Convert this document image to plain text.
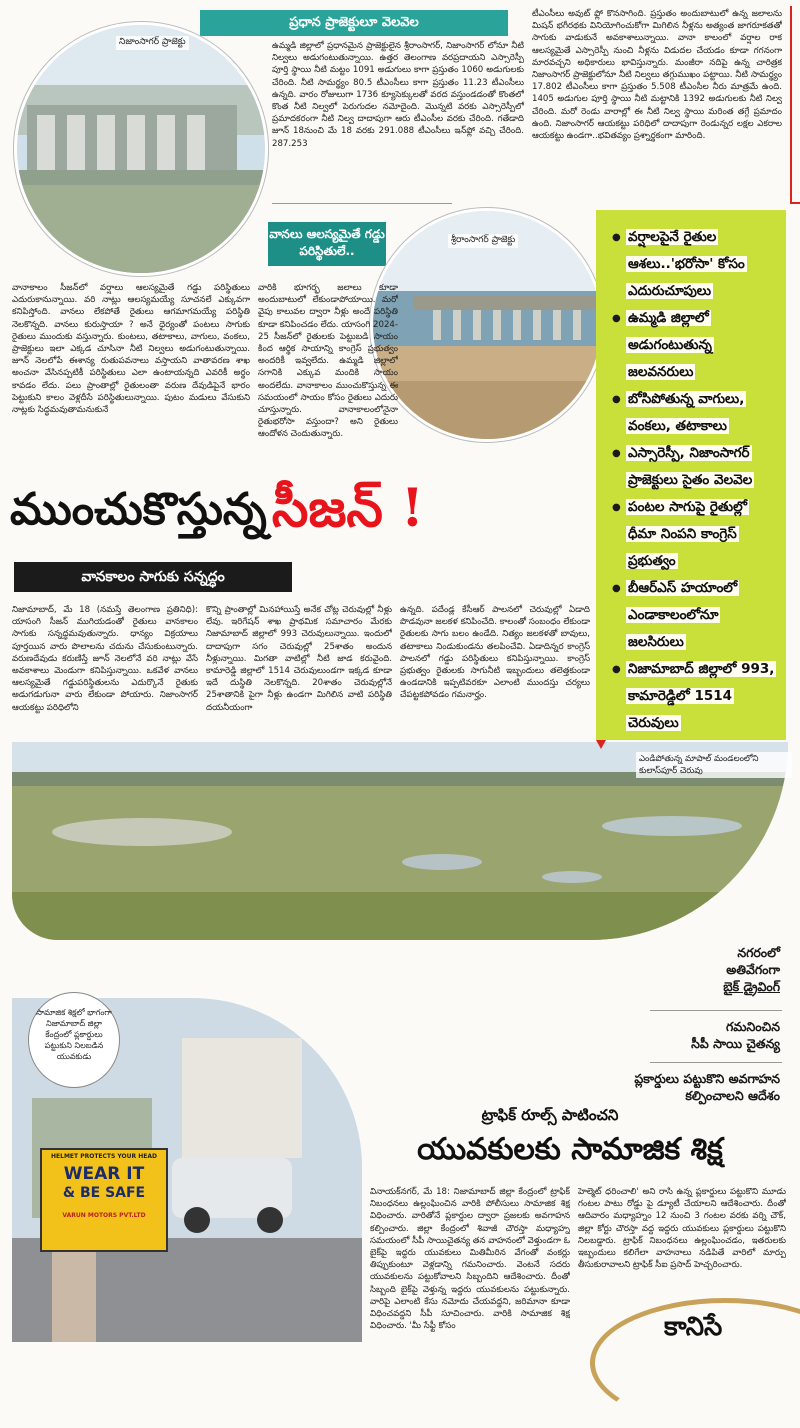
ప్రధాన ప్రాజెక్టులూ వెలవెల
నిజాంసాగర్ ప్రాజెక్టు	ఉమ్మడి జిల్లాలో ప్రధానమైన ప్రాజెక్టులైన శ్రీరాంసాగర్, నిజాంసాగర్ లోనూ నీటి నిల్వలు అడుగంటుతున్నాయి. ఉత్తర తెలంగాణ వరప్రదాయని ఎస్సారెస్పీ పూర్తి స్థాయి నీటి మట్టం 1091 అడుగులు కాగా ప్రస్తుతం 1060 అడుగులకు చేరింది. నీటి సామర్థ్యం 80.5 టీఎంసీలు కాగా ప్రస్తుతం 11.23 టీఎంసీలు ఉన్నది. వారం రోజులుగా 1736 క్యూసెక్కులతో వరద వస్తుండడంతో కొంతలో కొంత నీటి నిల్వలో పెరుగుదల నమోదైంది. మొన్నటి వరకు ఎస్సారెస్పీలో ప్రమాదకరంగా నీటి నిల్వ దాదాపుగా ఆరు టీఎంసీల వరకు చేరింది. గతేడాది జూన్ 18నుంచి మే 18 వరకు 291.088 టీఎంసీలు ఇన్‌ఫ్లో వచ్చి చేరింది. 287.253
టీఎంసీలు అవుట్ ఫ్లో కొనసాగింది. ప్రస్తుతం అందుబాటులో ఉన్న జలాలను మిషన్ భగీరథకు వినియోగించుకోగా మిగిలిన నీళ్లను అత్యంత జాగరూకతతో సాగుకు వాడుకునే అవకాశాలున్నాయి. వానా కాలంలో వర్షాల రాక ఆలస్యమైతే ఎస్సారెస్పీ నుంచి నీళ్లను విడుదల చేయడం కూడా గగనంగా మారవచ్చని అధికారులు భావిస్తున్నారు. మంజీరా నదిపై ఉన్న చారిత్రక నిజాంసాగర్ ప్రాజెక్టులోనూ నీటి నిల్వలు తగ్గుముఖం పట్టాయి. నీటి సామర్థ్యం 17.802 టీఎంసీలు కాగా ప్రస్తుతం 5.508 టీఎంసీల నీరు మాత్రమే ఉంది. 1405 అడుగుల పూర్తి స్థాయి నీటి మట్టానికి 1392 అడుగులకు నీటి నిల్వ చేరింది. మరో రెండు వారాల్లో ఈ నీటి నిల్వ స్థాయి మరింత తగ్గే ప్రమాదం ఉంది. నిజాంసాగర్ ఆయకట్టు పరిధిలో దాదాపుగా రెండున్నర లక్షల ఎకరాల ఆయకట్టు ఉండగా..భవితవ్యం ప్రశ్నార్థకంగా మారింది.
వానలు ఆలస్యమైతే గడ్డు పరిస్థితులే..
శ్రీరాంసాగర్ ప్రాజెక్టు
వానాకాలం సీజన్‌లో వర్షాలు ఆలస్యమైతే గడ్డు పరిస్థితులు ఎదురుకానున్నాయి. వరి నాట్లు ఆలస్యమయ్యే సూచనలే ఎక్కువగా కనిపిస్తోంది. వానలు లేకపోతే రైతులు ఆగమాగమయ్యే పరిస్థితి నెలకొన్నది. వానలు కురుస్తాయా ? అనే ధైర్యంతో పంటలు సాగుకు రైతులు ముందుకు వస్తున్నారు. కుంటలు, తటాకాలు, వాగులు, వంకలు, ప్రాజెక్టులు ఇలా ఎక్కడ చూసినా నీటి నిల్వలు అడుగంటుతున్నాయి. జూన్ నెలలోపే ఈశాన్య రుతుపవనాలు వస్తాయని వాతావరణ శాఖ అంచనా వేసినప్పటికీ పరిస్థితులు ఎలా ఉంటాయన్నది ఎవరికీ అర్థం కావడం లేదు. పలు ప్రాంతాల్లో రైతులంతా వరుణ దేవుడిపైనే భారం పెట్టుకుని కాలం వెళ్లదీసే పరిస్థితులున్నాయి. పుటం మడులు వేసుకుని నాట్లకు సిద్ధమవుతామనుకునే
వారికి భూగర్భ జలాలు కూడా అందుబాటులో లేకుండాపోయాయి. మరో వైపు కాలువల ద్వారా నీళ్లు అందే పరిస్థితి కూడా కనిపించడం లేదు. యాసంగి 2024-25 సీజన్‌లో రైతులకు పెట్టుబడి సాయం కింద ఆర్థిక సాయాన్ని కాంగ్రెస్ ప్రభుత్వం అందరికీ ఇవ్వలేదు. ఉమ్మడి జిల్లాలో సగానికి ఎక్కువ మందికి సాయం అందలేదు. వానాకాలం ముంచుకొస్తున్న ఈ సమయంలో సాయం కోసం రైతులు ఎదురు చూస్తున్నారు. వానాకాలంలోనైనా రైతుభరోసా వస్తుందా? అని రైతులు ఆందోళన చెందుతున్నారు.
● వర్షాలపైనే రైతుల ఆశలు..'భరోసా' కోసం ఎదురుచూపులు
● ఉమ్మడి జిల్లాలో అడుగంటుతున్న జలవనరులు
● బోసిపోతున్న వాగులు, వంకలు, తటాకాలు
● ఎస్సారెస్పీ, నిజాంసాగర్ ప్రాజెక్టులు సైతం వెలవెల
● పంటల సాగుపై రైతుల్లో ధీమా నింపని కాంగ్రెస్ ప్రభుత్వం
● బీఆర్ఎస్ హయాంలో ఎండాకాలంలోనూ జలసిరులు
● నిజామాబాద్ జిల్లాలో 993, కామారెడ్డిలో 1514 చెరువులు
ముంచుకొస్తున్న సీజన్ !
వానకాలం సాగుకు సన్నద్ధం
నిజామాబాద్, మే 18 (నమస్తే తెలంగాణ ప్రతినిధి): యాసంగి సీజన్ ముగియడంతో రైతులు వానకాలం సాగుకు సన్నద్ధమవుతున్నారు. ధాన్యం విక్రయాలు పూర్తయిన వారు పొలాలను చదును చేసుకుంటున్నారు. వరుణదేవుడు కరుణిస్తే జూన్ నెలలోనే వరి నాట్లు వేసే అవకాశాలు మెండుగా కనిపిస్తున్నాయి. ఒకవేళ వానలు ఆలస్యమైతే గడ్డుపరిస్థితులను ఎదుర్కొనే రైతుకు అడుగడుగునా వారు లేకుండా పోయారు. నిజాంసాగర్ ఆయకట్టు పరిధిలోని
కొన్ని ప్రాంతాల్లో మినహాయిస్తే అనేక చోట్ల చెరువుల్లో నీళ్లు లేవు. ఇరిగేషన్ శాఖ ప్రాథమిక సమాచారం మేరకు నిజామాబాద్ జిల్లాలో 993 చెరువులున్నాయి. ఇందులో దాదాపుగా సగం చెరువుల్లో 25శాతం అందున నీళ్లున్నాయి. మిగతా వాటిల్లో నీటి జాడ కరువైంది. కామారెడ్డి జిల్లాలో 1514 చెరువులుండగా ఇక్కడ కూడా ఇదే దుస్థితి నెలకొన్నది. 20శాతం చెరువుల్లోనే 25శాతానికి పైగా నీళ్లు ఉండగా మిగిలిన వాటి పరిస్థితి దయనీయంగా
ఉన్నది. పదేండ్ల కేసీఆర్ పాలనలో చెరువుల్లో ఏడాది పొడవునా జలకళ కనిపించేది. కాలంతో సంబంధం లేకుండా రైతులకు సాగు బలం ఉండేది. నిత్యం జలకళతో బావులు, తటాకాలు నిండుకుండను తలపించేవి. ఏడాదిన్నర కాంగ్రెస్ పాలనలో గడ్డు పరిస్థితులు కనిపిస్తున్నాయి. కాంగ్రెస్ ప్రభుత్వం రైతులకు సాగునీటి ఇబ్బందులు తలెత్తకుండా ఉండడానికి ఇప్పటివరకూ ఎలాంటి ముందస్తు చర్యలు చేపట్టకపోవడం గమనార్హం.
ఎండిపోతున్న మాపాల్ మండలంలోని కులాస్‌పూర్ చెరువు
సామాజిక శిక్షలో భాగంగా నిజామాబాద్ జిల్లా కేంద్రంలో ప్లకార్డులు పట్టుకుని నిలబడిన యువకుడు
HELMET PROTECTS YOUR HEAD
WEAR IT
& BE SAFE
VARUN MOTORS PVT.LTD
నగరంలో
అతివేగంగా
బైక్ డ్రైవింగ్
గమనించిన
సీపీ సాయి చైతన్య
ప్లకార్డులు పట్టుకొని అవగాహన
కల్పించాలని ఆదేశం
ట్రాఫిక్ రూల్స్ పాటించని
యువకులకు సామాజిక శిక్ష
వినాయక్‌నగర్, మే 18: నిజామాబాద్ జిల్లా కేంద్రంలో ట్రాఫిక్ నిబంధనలు ఉల్లంఘించిన వారికి పోలీసులు సామాజిక శిక్ష విధించారు. వారితోనే ప్లకార్డుల ద్వారా ప్రజలకు అవగాహన కల్పించారు. జిల్లా కేంద్రంలో శివాజీ చౌరస్తా మధ్యాహ్న సమయంలో సీపీ సాయిచైతన్య తన వాహనంలో వెళ్తుండగా ఓ బైక్‌పై ఇద్దరు యువకులు మితిమీరిన వేగంతో వంకర్లు తిప్పుకుంటూ వెళ్లడాన్ని గమనించారు. వెంటనే సదరు యువకులను పట్టుకోవాలని సిబ్బందిని ఆదేశించారు. దీంతో సిబ్బంది బైక్‌పై వెళ్తున్న ఇద్దరు యువకులను పట్టుకున్నారు. వారిపై ఎలాంటి కేసు నమోదు చేయవద్దని, జరిమానా కూడా విధించవద్దని సీపీ సూచించారు. వారికి సామాజిక శిక్ష విధించారు. 'మీ సేఫ్టీ కోసం
హెల్మెట్ ధరించాలి' అని రాసి ఉన్న ప్లకార్డులు పట్టుకొని మూడు గంటల పాటు రోడ్డు పై డ్యూటీ చేయాలని ఆదేశించారు. దీంతో ఆదివారం మధ్యాహ్నం 12 నుంచి 3 గంటల వరకు వర్ని చౌక్, జిల్లా కోర్టు చౌరస్తా వద్ద ఇద్దరు యువకులు ప్లకార్డులు పట్టుకొని నిలబడ్డారు. ట్రాఫిక్ నిబంధనలు ఉల్లంఘించడం, ఇతరులకు ఇబ్బందులు కలిగేలా వాహనాలు నడిపితే వారిలో మార్పు తీసుకురావాలని ట్రాఫిక్ సీఐ ప్రసాద్ హెచ్చరించారు.
కానిసే
